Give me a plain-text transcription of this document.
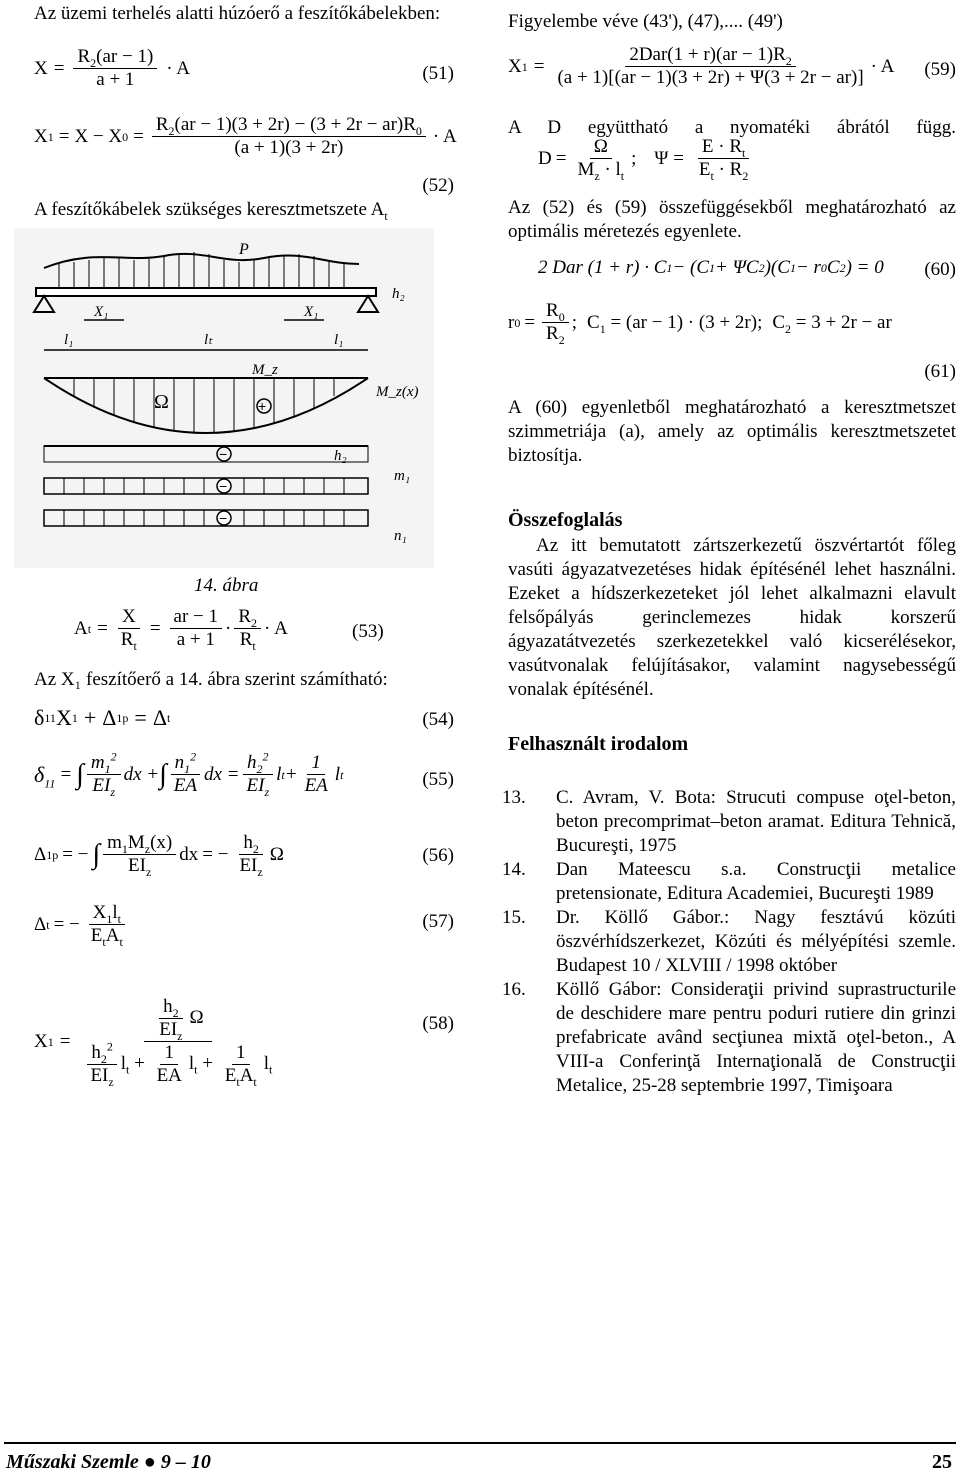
Az üzemi terhelés alatti húzóerő a feszítőkábelekben:

$X = \frac{R_2(ar - 1)}{a + 1} \cdot A$	(51)
X 1 = X − X $0 = \frac{R_2(ar - 1)(3 + 2r) - (3 + 2r - ar)R_0}{(a + 1)(3 + 2r)} \cdot A$
(52)

A feszítőkábelek szükséges keresztmetszete $A_t$

P
h₂
X₁	X₁
l₁	lₜ	l₁
M_z
M_z(x)
Ω	+
h₂
−
−
m₁
−
n₁
14. ábra
A $t = \frac{X}{R_t} = \frac{ar - 1}{a + 1} \cdot \frac{R_2}{R_t} \cdot A$	(53)

Az X₁ feszítőerő a 14. ábra szerint számítható:

δ 11 X 1 + Δ 1p = Δ t	(54)
$\delta_{11}$ = ∫ $\frac{m_1^2}{EI_z}$ dx + ∫ $\frac{n_1^2}{EA}$ dx = $\frac{h_2^2}{EI_z}$ l $t + \frac{1}{EA}$ l t	(55)
Δ 1p = − ∫ $\frac{m_1M_z(x)}{EI_z}$ dx = − $\frac{h_2}{EI_z}$ Ω	(56)
Δ t = − $\frac{X_1l_t}{E_tA_t}$	(57)
X $1 = \frac{\frac{h_2}{EI_z} \Omega}{\frac{h_2^2}{EI_z} l_t + \frac{1}{EA} l_t + \frac{1}{E_tA_t} l_t}$	(58)

Figyelembe véve (43'), (47),.... (49')

X $1 = \frac{2Dar(1 + r)(ar - 1)R_2}{(a + 1)[(ar - 1)(3 + 2r) + \Psi(3 + 2r - ar)]} \cdot A$ (59)

A D együttható a nyomatéki ábrától függ.

$D = \frac{\Omega}{M_z \cdot l_t}$ ; $\Psi = \frac{E \cdot R_t}{E_t \cdot R_2}$

Az (52) és (59) összefüggésekből meghatározható az optimális méretezés egyenlete.

2 Dar (1 + r) · C 1 − (C 1 + ΨC 2 )(C 1 − r 0 C 2 ) = 0 (60)
r $0 = \frac{R_0}{R_2}$ ; $C_1 = (ar - 1) \cdot (3 + 2r)$; $C_2 = 3 + 2r$ − ar
(61)

A (60) egyenletből meghatározható a keresztmetszet szimmetriája (a), amely az optimális keresztmetszetet biztosítja.

Összefoglalás

Az itt bemutatott zártszerkezetű öszvértartót főleg vasúti ágyazatvezetéses hidak építésénél lehet használni. Ezeket a hídszerkezeteket jól lehet alkalmazni elavult felsőpályás gerinclemezes hidak korszerű ágyazatátvezetés szerkezetekkel való kicserélésekor, vasútvonalak felújításakor, valamint nagysebességű vonalak építésénél.

Felhasznált irodalom
13.	C. Avram, V. Bota: Strucuti compuse oţel-beton, beton precomprimat–beton aramat. Editura Tehnică, Bucureşti, 1975
14.	Dan Mateescu s.a. Construcţii metalice pretensionate, Editura Academiei, Bucureşti 1989
15.	Dr. Köllő Gábor.: Nagy fesztávú közúti öszvérhídszerkezet, Közúti és mélyépítési szemle. Budapest 10 / XLVIII / 1998 október
16.	Köllő Gábor: Consideraţii privind suprastructurile de deschidere mare pentru poduri rutiere din grinzi prefabricate având secţiunea mixtă oţel-beton., A VIII-a Conferinţă Internaţională de Construcţii Metalice, 25-28 septembrie 1997, Timişoara
Műszaki Szemle ● 9 – 10	25
